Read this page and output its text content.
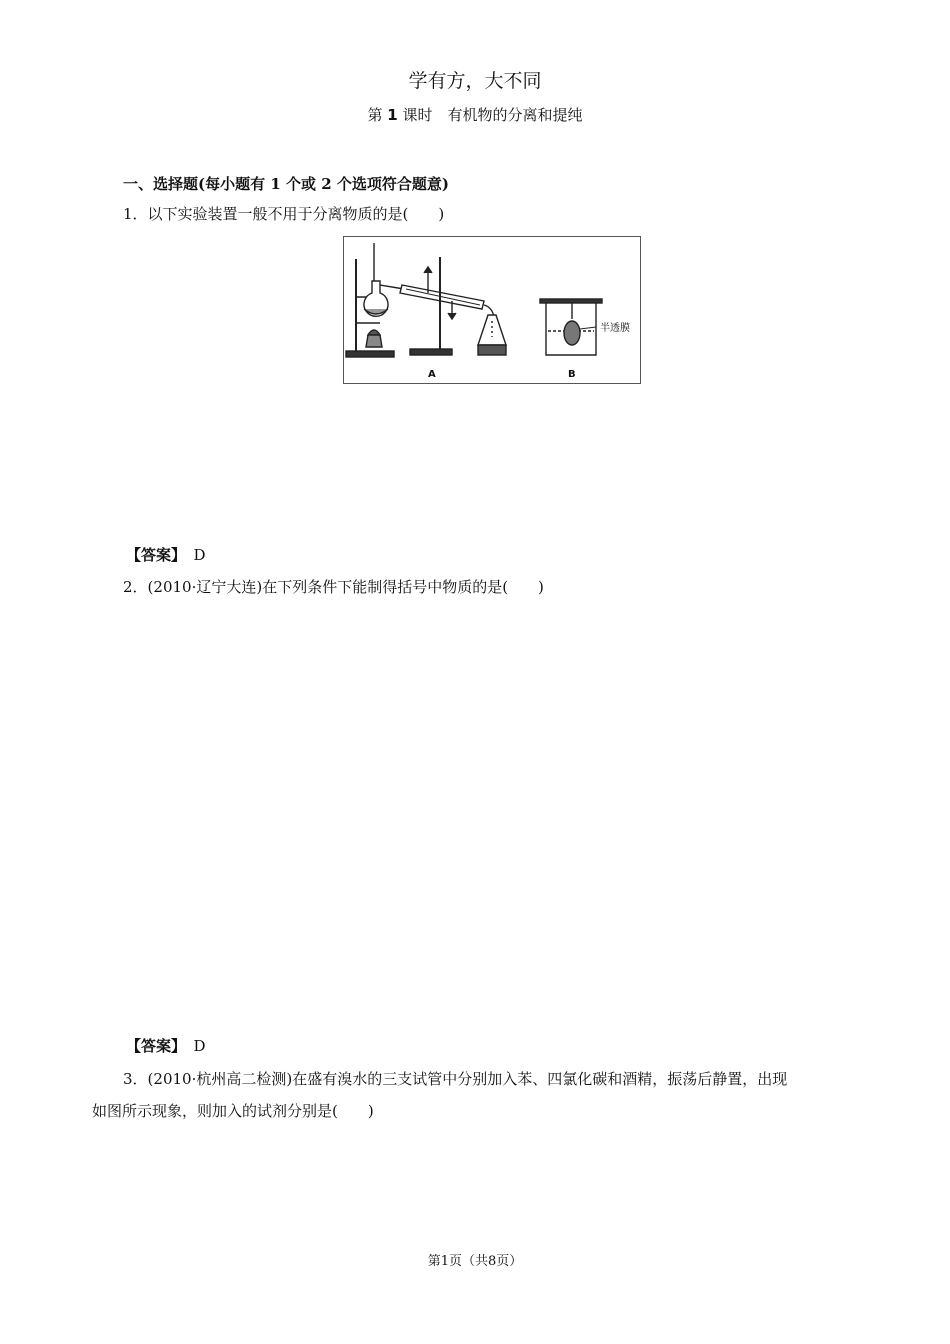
学有方，大不同
第 1 课时　有机物的分离和提纯
一、选择题(每小题有 1 个或 2 个选项符合题意)
1．以下实验装置一般不用于分离物质的是(　　)
半透膜
A	B
【答案】　 D
2．(2010·辽宁大连)在下列条件下能制得括号中物质的是(　　)
【答案】　 D
3．(2010·杭州高二检测)在盛有溴水的三支试管中分别加入苯、四氯化碳和酒精，振荡后静置，出现
如图所示现象，则加入的试剂分别是(　　)
第1页（共8页）
